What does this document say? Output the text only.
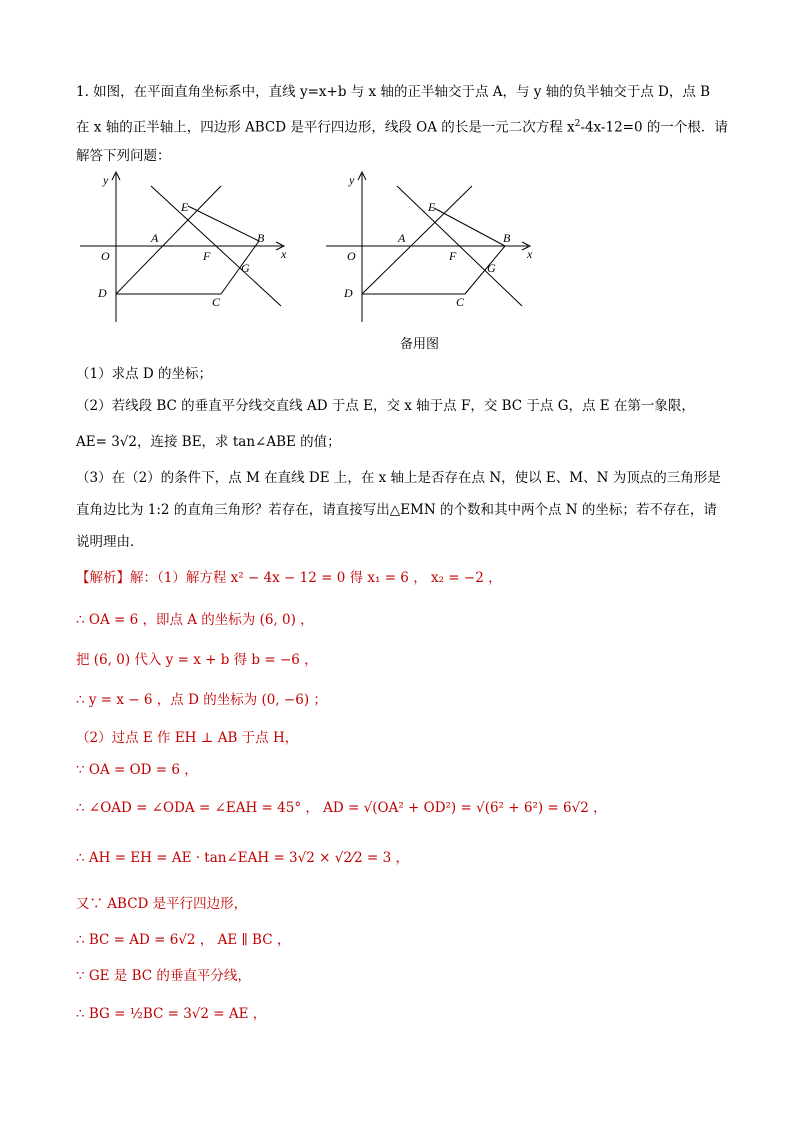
1. 如图，在平面直角坐标系中，直线 y=x+b 与 x 轴的正半轴交于点 A，与 y 轴的负半轴交于点 D，点 B
在 x 轴的正半轴上，四边形 ABCD 是平行四边形，线段 OA 的长是一元二次方程 $x^2-4x-12=0$ 的一个根．请
解答下列问题：
y
E
A	B
O	F
G
x
D
C
y
E
A	B
O	F
G
x
D
C
备用图
（1）求点 D 的坐标；
（2）若线段 BC 的垂直平分线交直线 AD 于点 E，交 x 轴于点 F，交 BC 于点 G，点 E 在第一象限，
AE= 3√2，连接 BE，求 tan∠ABE 的值；
（3）在（2）的条件下，点 M 在直线 DE 上，在 x 轴上是否存在点 N，使以 E、M、N 为顶点的三角形是
直角边比为 1:2 的直角三角形？若存在，请直接写出△EMN 的个数和其中两个点 N 的坐标；若不存在，请
说明理由．
【解析】解：（1）解方程 x² − 4x − 12 = 0 得 x₁ = 6 ， x₂ = −2 ，
∴ OA = 6 ，即点 A 的坐标为 (6, 0) ，
把 (6, 0) 代入 y = x + b 得 b = −6 ，
∴ y = x − 6 ，点 D 的坐标为 (0, −6) ；
（2）过点 E 作 EH ⊥ AB 于点 H，
∵ OA = OD = 6 ，
∴ ∠OAD = ∠ODA = ∠EAH = 45° ， AD = √(OA² + OD²) = √(6² + 6²) = 6√2 ，
∴ AH = EH = AE · tan∠EAH = 3√2 × √2⁄2 = 3 ，
又∵ ABCD 是平行四边形，
∴ BC = AD = 6√2 ， AE ∥ BC ，
∵ GE 是 BC 的垂直平分线，
∴ BG = ½BC = 3√2 = AE ，
